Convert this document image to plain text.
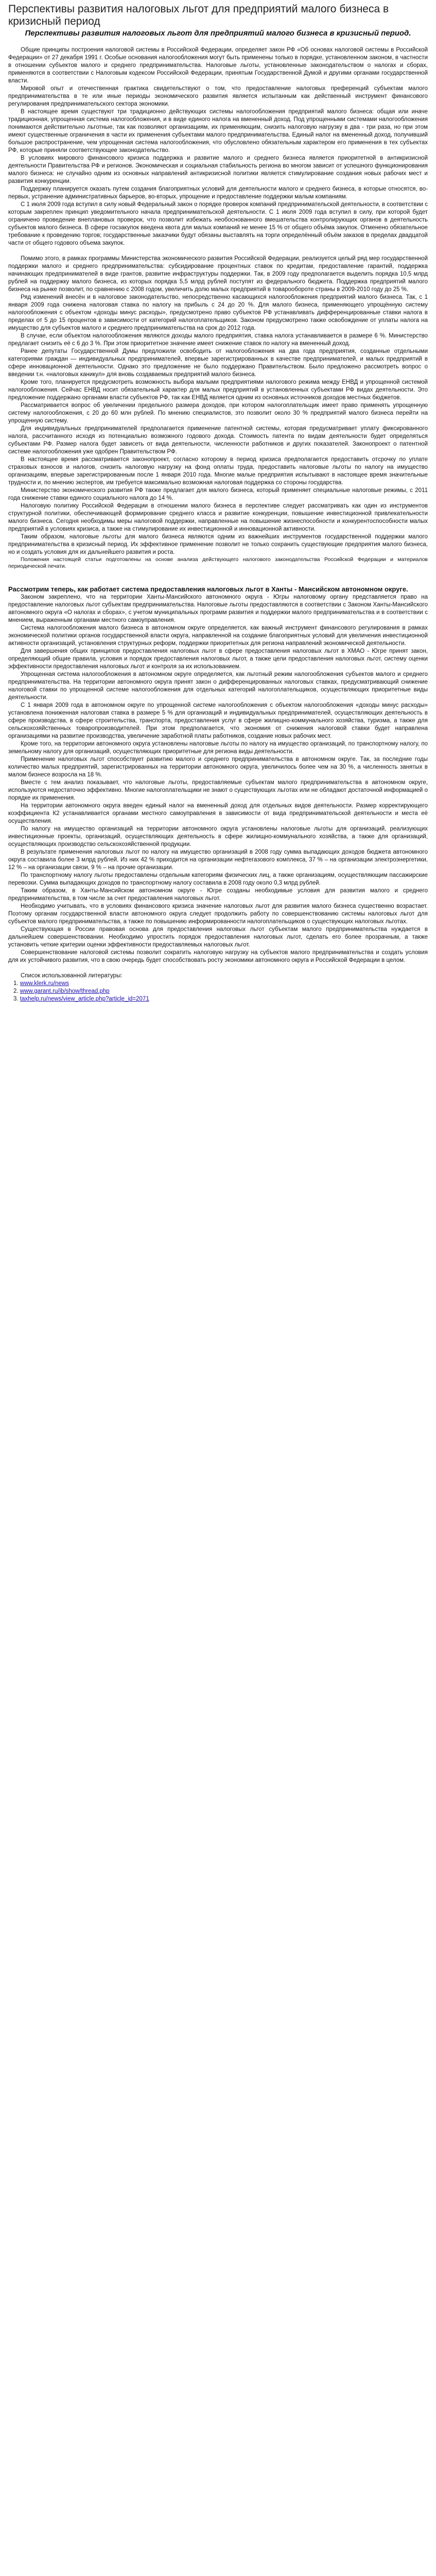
Перспективы развития налоговых льгот для предприятий малого бизнеса в кризисный период
Перспективы развития налоговых льгот для предприятий малого бизнеса в кризисный период.

Общие принципы построения налоговой системы в Российской Федерации, определяет закон РФ «Об основах налоговой системы в Российской Федерации» от 27 декабря 1991 г. Особые основания налогообложения могут быть применены только в порядке, установленном законом, в частности в отношении субъектов малого и среднего предпринимательства. Налоговые льготы, установленные законодательством о налогах и сборах, применяются в соответствии с Налоговым кодексом Российской Федерации, принятым Государственной Думой и другими органами государственной власти.

Мировой опыт и отечественная практика свидетельствуют о том, что предоставление налоговых преференций субъектам малого предпринимательства в те или иные периоды экономического развития является испытанным как действенный инструмент финансового регулирования предпринимательского сектора экономики.

В настоящее время существуют три традиционно действующих системы налогообложения предприятий малого бизнеса: общая или иначе традиционная, упрощенная система налогообложения, и в виде единого налога на вмененный доход. Под упрощенными системами налогообложения понимаются действительно льготные, так как позволяют организациям, их применяющим, снизить налоговую нагрузку в два - три раза, но при этом имеют существенные ограничения в части их применения субъектами малого предпринимательства. Единый налог на вмененный доход, получивший большое распространение, чем упрощенная система налогообложения, что обусловлено обязательным характером его применения в тех субъектах РФ, которые приняли соответствующее законодательство.

В условиях мирового финансового кризиса поддержка и развитие малого и среднего бизнеса является приоритетной в антикризисной деятельности Правительства РФ и регионов. Экономическая и социальная стабильность региона во многом зависит от успешного функционирования малого бизнеса: не случайно одним из основных направлений антикризисной политики является стимулирование создания новых рабочих мест и развития конкуренции.

Поддержку планируется оказать путем создания благоприятных условий для деятельности малого и среднего бизнеса, в которые относятся, во-первых, устранение административных барьеров, во-вторых, упрощение и предоставление поддержки малым компаниям.

С 1 июля 2009 года вступил в силу новый Федеральный закон о порядке проверок компаний предпринимательской деятельности, в соответствии с которым закреплен принцип уведомительного начала предпринимательской деятельности. С 1 июля 2009 года вступил в силу, при которой будет ограничено проведение внеплановых проверок, что позволит избежать необоснованного вмешательства контролирующих органов в деятельность субъектов малого бизнеса. В сфере госзакупок введена квота для малых компаний не менее 15 % от общего объёма закупок. Отменено обязательное требование к проведению торгов; государственные заказчики будут обязаны выставлять на торги определённый объём заказов в пределах двадцатой части от общего годового объема закупок.

Помимо этого, в рамках программы Министерства экономического развития Российской Федерации, реализуется целый ряд мер государственной поддержки малого и среднего предпринимательства: субсидирование процентных ставок по кредитам, предоставление гарантий, поддержка начинающих предпринимателей в виде грантов, развитие инфраструктуры поддержки. Так, в 2009 году предполагается выделить порядка 10,5 млрд рублей на поддержку малого бизнеса, из которых порядка 5,5 млрд рублей поступят из федерального бюджета. Поддержка предприятий малого бизнеса на рынке позволит, по сравнению с 2008 годом, увеличить долю малых предприятий в товарообороте страны в 2009-2010 году до 25 %.

Ряд изменений внесён и в налоговое законодательство, непосредственно касающихся налогообложения предприятий малого бизнеса. Так, с 1 января 2009 года снижена налоговая ставка по налогу на прибыль с 24 до 20 %. Для малого бизнеса, применяющего упрощённую систему налогообложения с объектом «доходы минус расходы», предусмотрено право субъектов РФ устанавливать дифференцированные ставки налога в пределах от 5 до 15 процентов в зависимости от категорий налогоплательщиков. Законом предусмотрено также освобождение от уплаты налога на имущество для субъектов малого и среднего предпринимательства на срок до 2012 года.

В случае, если объектом налогообложения являются доходы малого предприятия, ставка налога устанавливается в размере 6 %. Министерство предлагает снизить её с 6 до 3 %. При этом приоритетное значение имеет снижение ставок по налогу на вмененный доход.

Ранее депутаты Государственной Думы предложили освободить от налогообложения на два года предприятия, созданные отдельными категориями граждан — индивидуальных предпринимателей, впервые зарегистрированных в качестве предпринимателей, и малых предприятий в сфере инновационной деятельности. Однако это предложение не было поддержано Правительством. Было предложено рассмотреть вопрос о введении т.н. «налоговых каникул» для вновь создаваемых предприятий малого бизнеса.

Кроме того, планируется предусмотреть возможность выбора малыми предприятиями налогового режима между ЕНВД и упрощенной системой налогообложения. Сейчас ЕНВД носит обязательный характер для малых предприятий в установленных субъектами РФ видах деятельности. Это предложение поддержано органами власти субъектов РФ, так как ЕНВД является одним из основных источников доходов местных бюджетов.

Рассматривается вопрос об увеличении предельного размера доходов, при котором налогоплательщик имеет право применять упрощенную систему налогообложения, с 20 до 60 млн рублей. По мнению специалистов, это позволит около 30 % предприятий малого бизнеса перейти на упрощенную систему.

Для индивидуальных предпринимателей предполагается применение патентной системы, которая предусматривает уплату фиксированного налога, рассчитанного исходя из потенциально возможного годового дохода. Стоимость патента по видам деятельности будет определяться субъектами РФ. Размер налога будет зависеть от вида деятельности, численности работников и других показателей. Законопроект о патентной системе налогообложения уже одобрен Правительством РФ.

В настоящее время рассматривается законопроект, согласно которому в период кризиса предполагается предоставить отсрочку по уплате страховых взносов и налогов, снизить налоговую нагрузку на фонд оплаты труда, предоставить налоговые льготы по налогу на имущество организациям, впервые зарегистрированным после 1 января 2010 года. Многие малые предприятия испытывают в настоящее время значительные трудности и, по мнению экспертов, им требуется максимально возможная налоговая поддержка со стороны государства.

Министерство экономического развития РФ также предлагает для малого бизнеса, который применяет специальные налоговые режимы, с 2011 года снижение ставки единого социального налога до 14 %.

Налоговую политику Российской Федерации в отношении малого бизнеса в перспективе следует рассматривать как один из инструментов структурной политики, обеспечивающей формирование среднего класса и развитие конкуренции, повышение инвестиционной привлекательности малого бизнеса. Сегодня необходимы меры налоговой поддержки, направленные на повышение жизнеспособности и конкурентоспособности малых предприятий в условиях кризиса, а также на стимулирование их инвестиционной и инновационной активности.

Таким образом, налоговые льготы для малого бизнеса являются одним из важнейших инструментов государственной поддержки малого предпринимательства в кризисный период. Их эффективное применение позволит не только сохранить существующие предприятия малого бизнеса, но и создать условия для их дальнейшего развития и роста.

Положения настоящей статьи подготовлены на основе анализа действующего налогового законодательства Российской Федерации и материалов периодической печати.

Рассмотрим теперь, как работает система предоставления налоговых льгот в Ханты - Мансийском автономном округе.

Законом закреплено, что на территории Ханты-Мансийского автономного округа - Югры налоговому органу представляется право на предоставление налоговых льгот субъектам предпринимательства. Налоговые льготы предоставляются в соответствии с Законом Ханты-Мансийского автономного округа «О налогах и сборах», с учетом муниципальных программ развития и поддержки малого предпринимательства и в соответствии с мнением, выраженным органами местного самоуправления.

Система налогообложения малого бизнеса в автономном округе определяется, как важный инструмент финансового регулирования в рамках экономической политики органов государственной власти округа, направленной на создание благоприятных условий для увеличения инвестиционной активности организаций, установления структурных реформ, поддержки приоритетных для региона направлений экономической деятельности.

Для завершения общих принципов предоставления налоговых льгот в сфере предоставления налоговых льгот в ХМАО - Югре принят закон, определяющий общие правила, условия и порядок предоставления налоговых льгот, а также цели предоставления налоговых льгот, систему оценки эффективности предоставления налоговых льгот и контроля за их использованием.

Упрощенная система налогообложения в автономном округе определяется, как льготный режим налогообложения субъектов малого и среднего предпринимательства. На территории автономного округа принят закон о дифференцированных налоговых ставках, предусматривающий снижение налоговой ставки по упрощенной системе налогообложения для отдельных категорий налогоплательщиков, осуществляющих приоритетные виды деятельности.

С 1 января 2009 года в автономном округе по упрощенной системе налогообложения с объектом налогообложения «доходы минус расходы» установлена пониженная налоговая ставка в размере 5 % для организаций и индивидуальных предпринимателей, осуществляющих деятельность в сфере производства, в сфере строительства, транспорта, предоставления услуг в сфере жилищно-коммунального хозяйства, туризма, а также для сельскохозяйственных товаропроизводителей. При этом предполагается, что экономия от снижения налоговой ставки будет направлена организациями на развитие производства, увеличение заработной платы работников, создание новых рабочих мест.

Кроме того, на территории автономного округа установлены налоговые льготы по налогу на имущество организаций, по транспортному налогу, по земельному налогу для организаций, осуществляющих приоритетные для региона виды деятельности.

Применение налоговых льгот способствует развитию малого и среднего предпринимательства в автономном округе. Так, за последние годы количество малых предприятий, зарегистрированных на территории автономного округа, увеличилось более чем на 30 %, а численность занятых в малом бизнесе возросла на 18 %.

Вместе с тем анализ показывает, что налоговые льготы, предоставляемые субъектам малого предпринимательства в автономном округе, используются недостаточно эффективно. Многие налогоплательщики не знают о существующих льготах или не обладают достаточной информацией о порядке их применения.

На территории автономного округа введен единый налог на вмененный доход для отдельных видов деятельности. Размер корректирующего коэффициента К2 устанавливается органами местного самоуправления в зависимости от вида предпринимательской деятельности и места её осуществления.

По налогу на имущество организаций на территории автономного округа установлены налоговые льготы для организаций, реализующих инвестиционные проекты, организаций, осуществляющих деятельность в сфере жилищно-коммунального хозяйства, а также для организаций, осуществляющих производство сельскохозяйственной продукции.

В результате применения налоговых льгот по налогу на имущество организаций в 2008 году сумма выпадающих доходов бюджета автономного округа составила более 3 млрд рублей. Из них 42 % приходится на организации нефтегазового комплекса, 37 % – на организации электроэнергетики, 12 % – на организации связи, 9 % – на прочие организации.

По транспортному налогу льготы предоставлены отдельным категориям физических лиц, а также организациям, осуществляющим пассажирские перевозки. Сумма выпадающих доходов по транспортному налогу составила в 2008 году около 0,3 млрд рублей.

Таким образом, в Ханты-Мансийском автономном округе - Югре созданы необходимые условия для развития малого и среднего предпринимательства, в том числе за счет предоставления налоговых льгот.

Необходимо учитывать, что в условиях финансового кризиса значение налоговых льгот для развития малого бизнеса существенно возрастает. Поэтому органам государственной власти автономного округа следует продолжить работу по совершенствованию системы налоговых льгот для субъектов малого предпринимательства, а также по повышению информированности налогоплательщиков о существующих налоговых льготах.

Существующая в России правовая основа для предоставления налоговых льгот субъектам малого предпринимательства нуждается в дальнейшем совершенствовании. Необходимо упростить порядок предоставления налоговых льгот, сделать его более прозрачным, а также установить четкие критерии оценки эффективности предоставляемых налоговых льгот.

Совершенствование налоговой системы позволит сократить налоговую нагрузку на субъектов малого предпринимательства и создать условия для их устойчивого развития, что в свою очередь будет способствовать росту экономики автономного округа и Российской Федерации в целом.

Список использованной литературы:

1. www.klerk.ru/news
2. www.garant.ru/ib/show/thread.php
3. taxhelp.ru/news/view_article.php?article_id=2071
